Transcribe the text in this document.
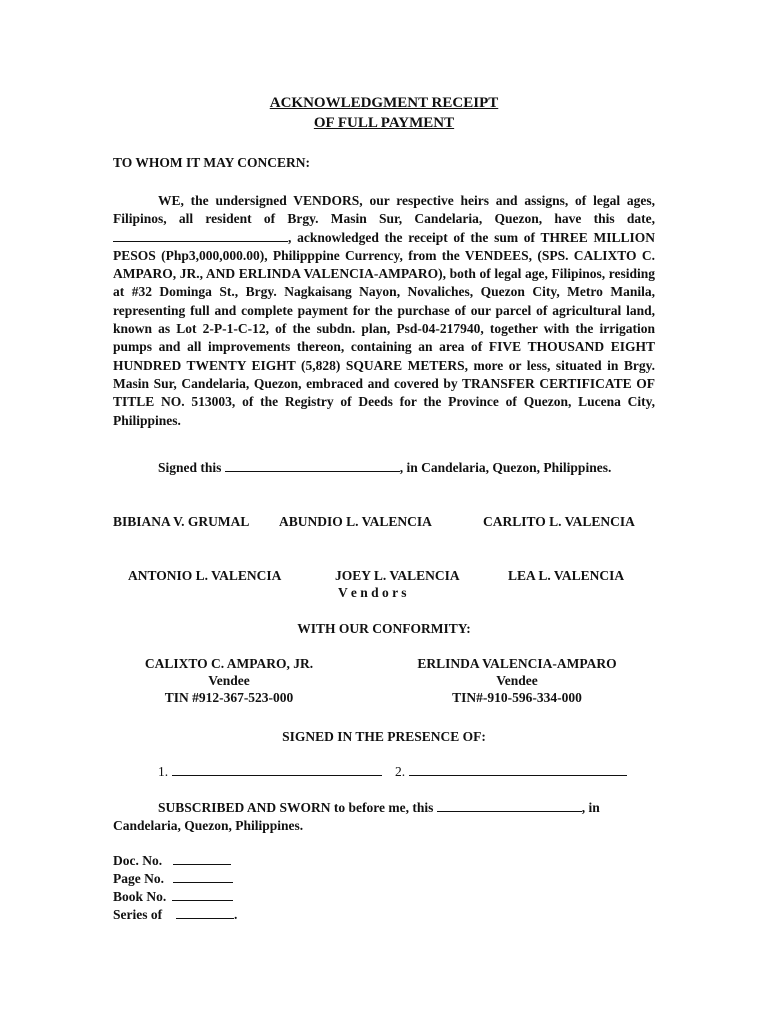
ACKNOWLEDGMENT RECEIPT
OF FULL PAYMENT
TO WHOM IT MAY CONCERN:

WE, the undersigned VENDORS, our respective heirs and assigns, of legal ages, Filipinos, all resident of Brgy. Masin Sur, Candelaria, Quezon, have this date,, acknowledged the receipt of the sum of THREE MILLION PESOS (Php3,000,000.00), Philipppine Currency, from the VENDEES, (SPS. CALIXTO C. AMPARO, JR., AND ERLINDA VALENCIA-AMPARO), both of legal age, Filipinos, residing at #32 Dominga St., Brgy. Nagkaisang Nayon, Novaliches, Quezon City, Metro Manila, representing full and complete payment for the purchase of our parcel of agricultural land, known as Lot 2-P-1-C-12, of the subdn. plan, Psd-04-217940, together with the irrigation pumps and all improvements thereon, containing an area of FIVE THOUSAND EIGHT HUNDRED TWENTY EIGHT (5,828) SQUARE METERS, more or less, situated in Brgy. Masin Sur, Candelaria, Quezon, embraced and covered by TRANSFER CERTIFICATE OF TITLE NO. 513003, of the Registry of Deeds for the Province of Quezon, Lucena City, Philippines.

Signed this	, in Candelaria, Quezon, Philippines.
BIBIANA V. GRUMAL ABUNDIO L. VALENCIA	CARLITO L. VALENCIA
ANTONIO L. VALENCIA	JOEY L. VALENCIA	LEA L. VALENCIA
V e n d o r s
WITH OUR CONFORMITY:
CALIXTO C. AMPARO, JR.
Vendee
TIN #912-367-523-000
ERLINDA VALENCIA-AMPARO
Vendee
TIN#-910-596-334-000
SIGNED IN THE PRESENCE OF:
1.	2.
SUBSCRIBED AND SWORN to before me, this	, in
Candelaria, Quezon, Philippines.
Doc. No.
Page No.
Book No.
Series of	.
